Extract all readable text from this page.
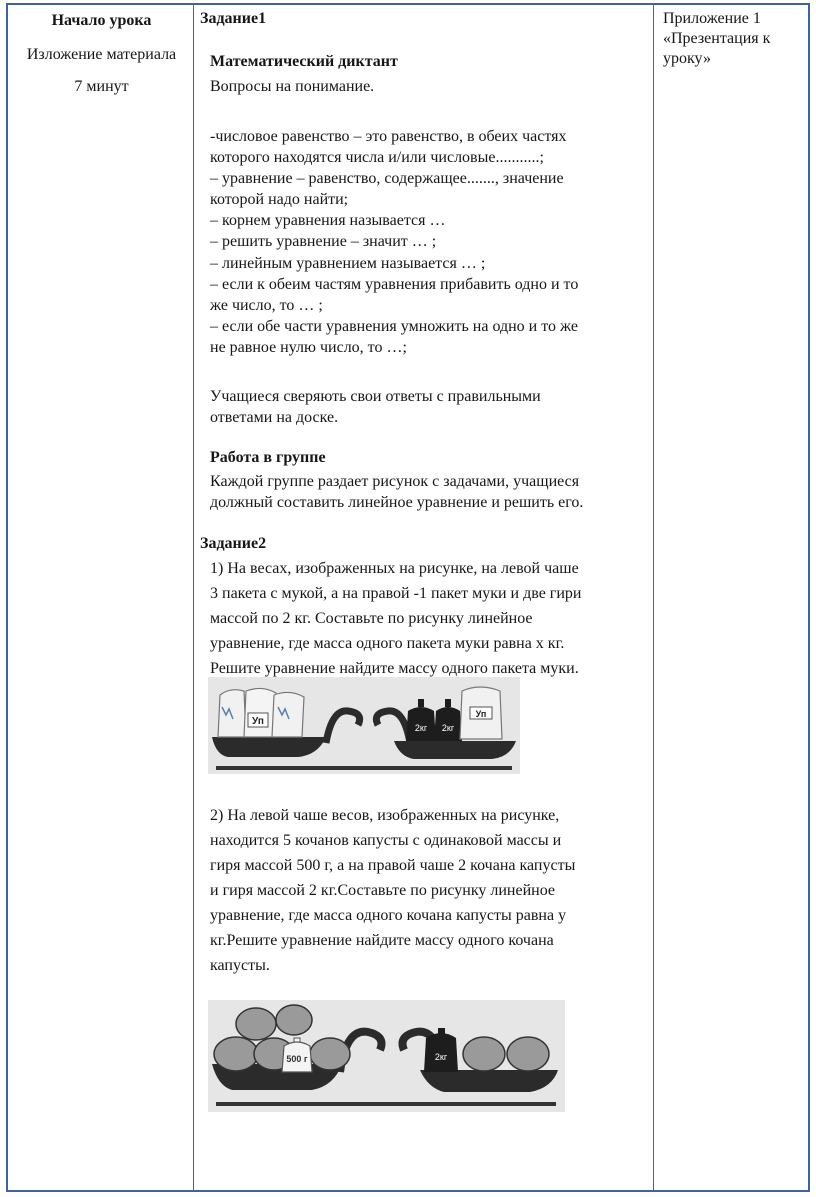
Начало урока
Изложение материала
7 минут
Задание1
Математический диктант
Вопросы на понимание.
-числовое равенство – это равенство, в обеих частях
которого находятся числа и/или числовые...........;
– уравнение – равенство, содержащее......., значение
которой надо найти;
– корнем уравнения называется …
– решить уравнение – значит … ;
– линейным уравнением называется … ;
– если к обеим частям уравнения прибавить одно и то
же число, то … ;
– если обе части уравнения умножить на одно и то же
не равное нулю число, то …;
Учащиеся сверяють свои ответы с правильными
ответами на доске.
Работа в группе
Каждой группе раздает рисунок с задачами, учащиеся
должный составить линейное уравнение и решить его.
Задание2
1) На весах, изображенных на рисунке, на левой чаше
3 пакета с мукой, а на правой -1 пакет муки и две гири
массой по 2 кг. Составьте по рисунку линейное
уравнение, где масса одного пакета муки равна x кг.
Решите уравнение найдите массу одного пакета муки.
Уп
2кг 2кг
Уп
2) На левой чаше весов, изображенных на рисунке,
находится 5 кочанов капусты с одинаковой массы и
гиря массой 500 г, а на правой чаше 2 кочана капусты
и гиря массой 2 кг.Составьте по рисунку линейное
уравнение, где масса одного кочана капусты равна у
кг.Решите уравнение найдите массу одного кочана
капусты.
500 г	2кг
Приложение 1 «Презентация к уроку»
